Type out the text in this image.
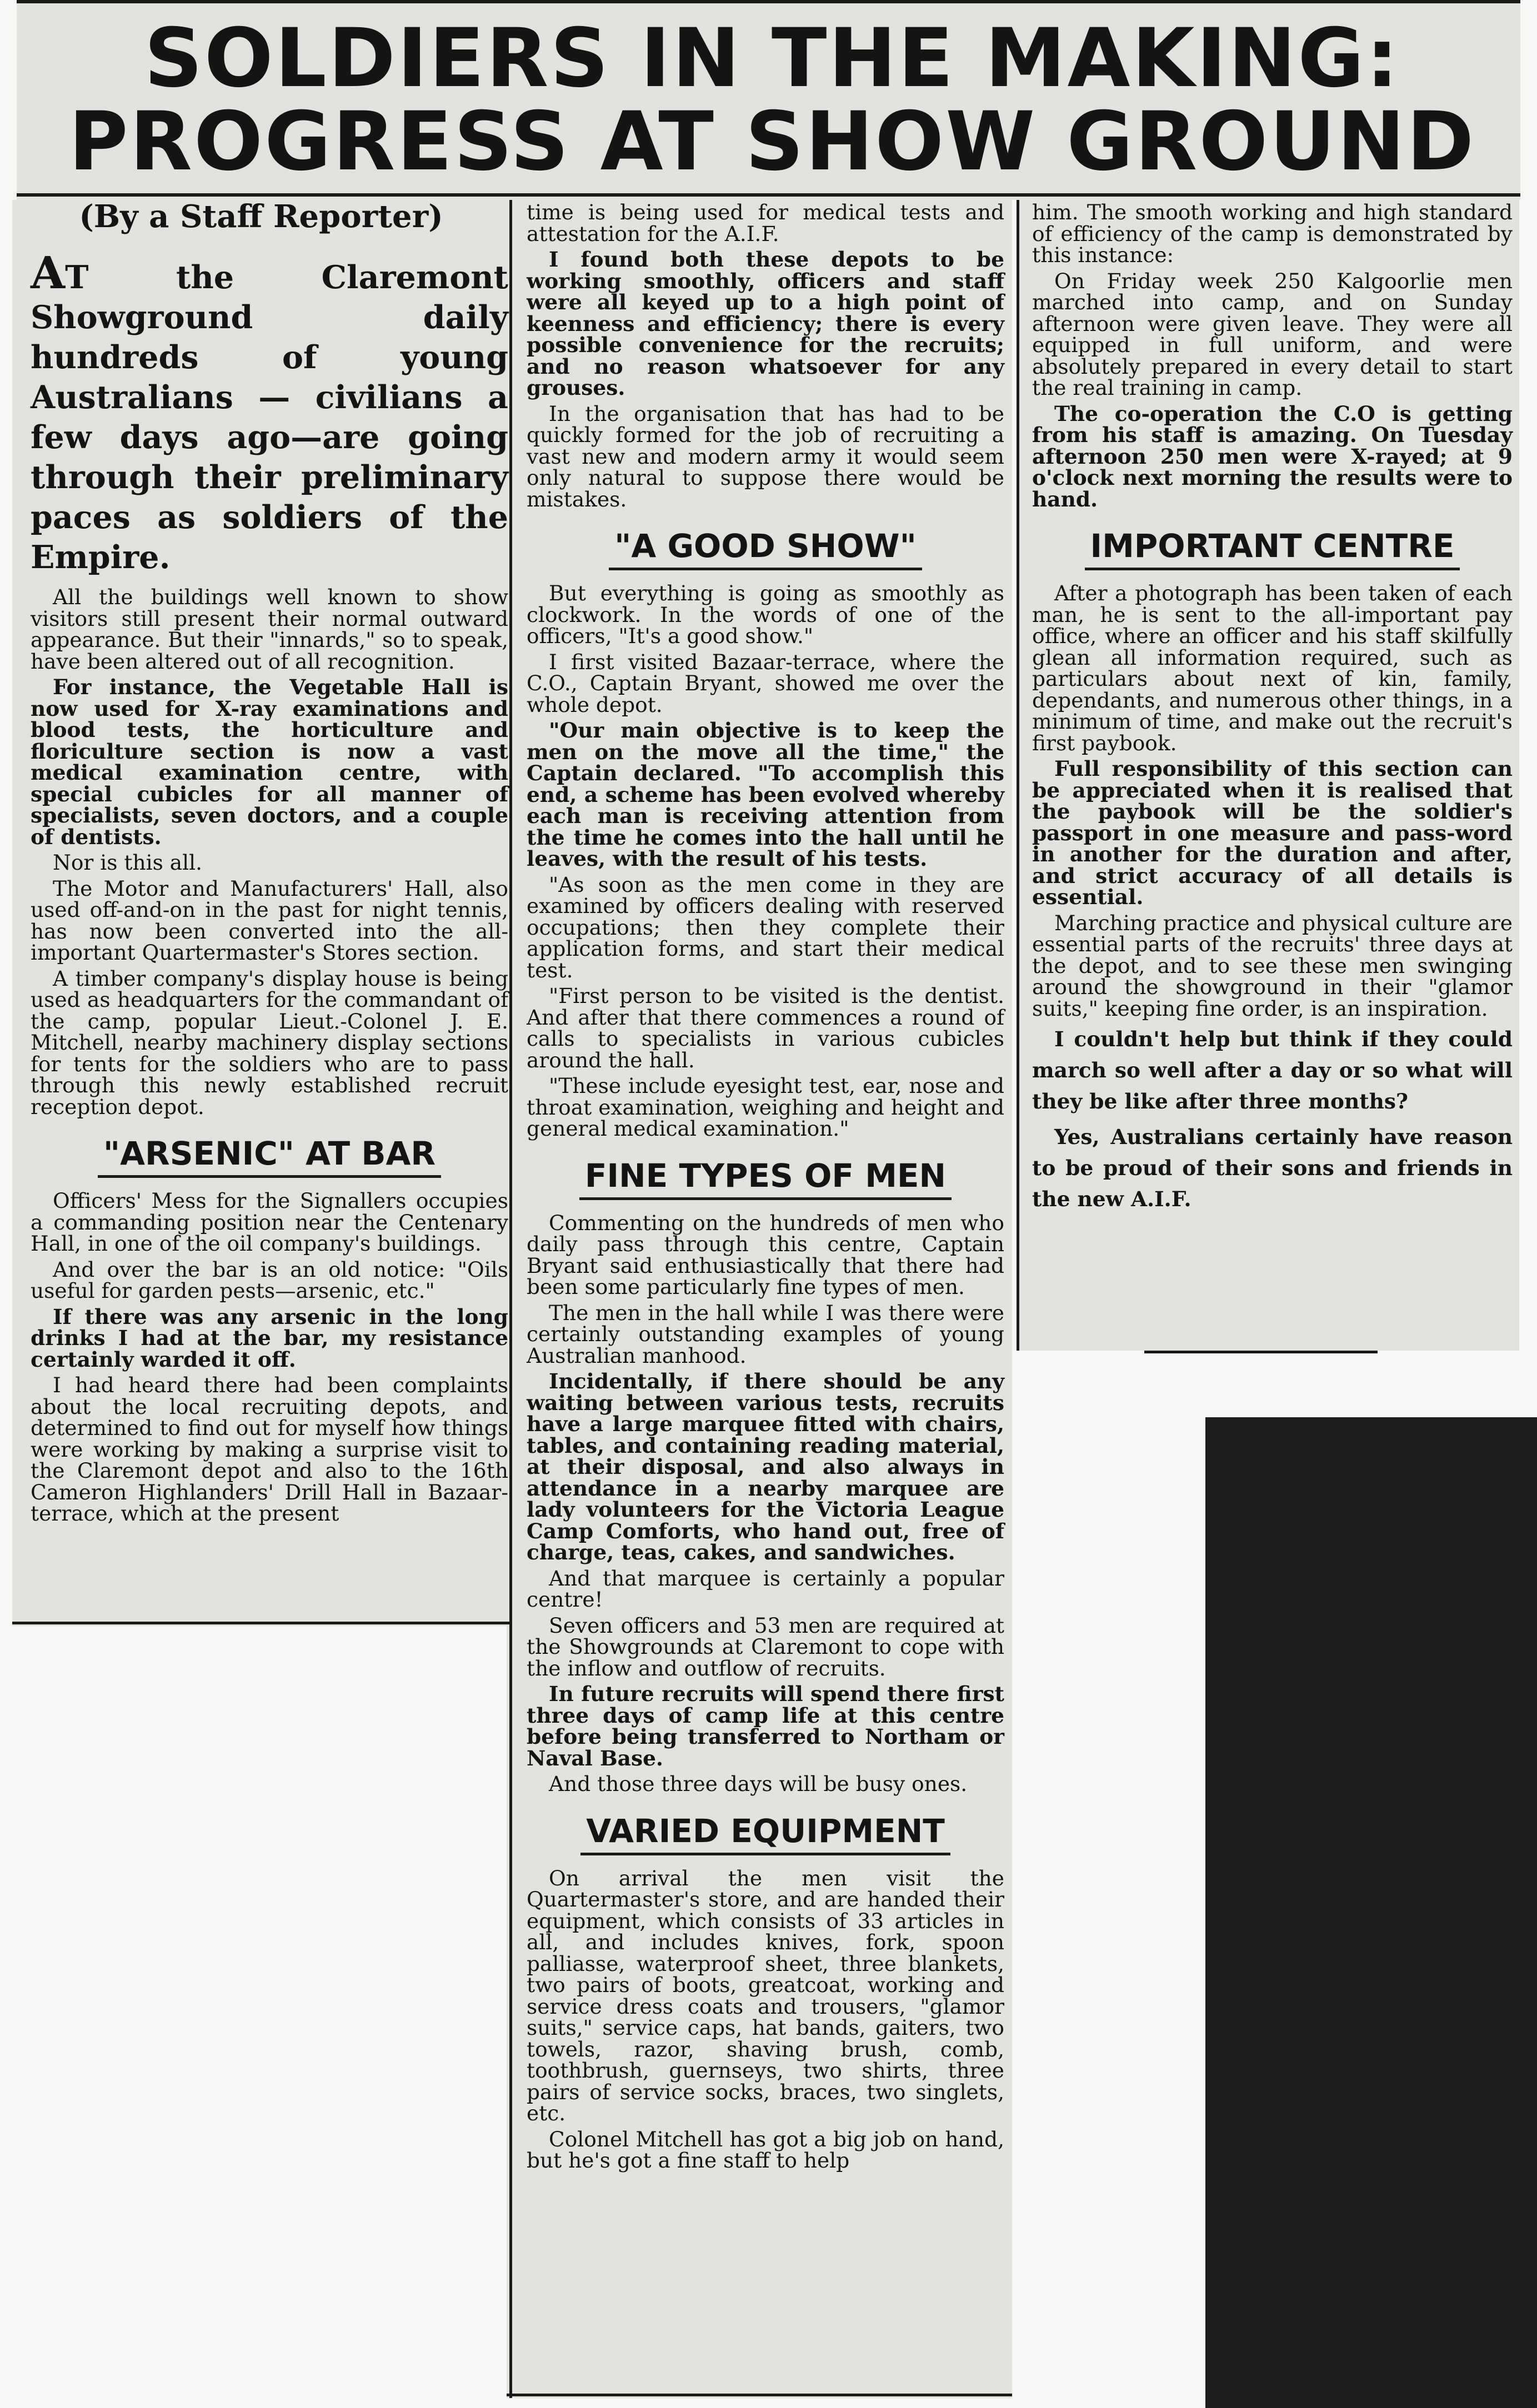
SOLDIERS IN THE MAKING:
PROGRESS AT SHOW GROUND
(By a Staff Reporter)

AT the Claremont Showground daily hundreds of young Australians — civilians a few days ago—are going through their preliminary paces as soldiers of the Empire.

All the buildings well known to show visitors still present their normal outward appearance. But their "innards," so to speak, have been altered out of all recognition.

For instance, the Vegetable Hall is now used for X-ray examinations and blood tests, the horticulture and floriculture section is now a vast medical examination centre, with special cubicles for all manner of specialists, seven doctors, and a couple of dentists.

Nor is this all.

The Motor and Manufacturers' Hall, also used off-and-on in the past for night tennis, has now been converted into the all-important Quartermaster's Stores section.

A timber company's display house is being used as headquarters for the commandant of the camp, popular Lieut.-Colonel J. E. Mitchell, nearby machinery display sections for tents for the soldiers who are to pass through this newly established recruit reception depot.

"ARSENIC" AT BAR

Officers' Mess for the Signallers occupies a commanding position near the Centenary Hall, in one of the oil company's buildings.

And over the bar is an old notice: "Oils useful for garden pests—arsenic, etc."

If there was any arsenic in the long drinks I had at the bar, my resistance certainly warded it off.

I had heard there had been complaints about the local recruiting depots, and determined to find out for myself how things were working by making a surprise visit to the Claremont depot and also to the 16th Cameron Highlanders' Drill Hall in Bazaar-terrace, which at the present

time is being used for medical tests and attestation for the A.I.F.

I found both these depots to be working smoothly, officers and staff were all keyed up to a high point of keenness and efficiency; there is every possible convenience for the recruits; and no reason whatsoever for any grouses.

In the organisation that has had to be quickly formed for the job of recruiting a vast new and modern army it would seem only natural to suppose there would be mistakes.

"A GOOD SHOW"

But everything is going as smoothly as clockwork. In the words of one of the officers, "It's a good show."

I first visited Bazaar-terrace, where the C.O., Captain Bryant, showed me over the whole depot.

"Our main objective is to keep the men on the move all the time," the Captain declared. "To accomplish this end, a scheme has been evolved whereby each man is receiving attention from the time he comes into the hall until he leaves, with the result of his tests.

"As soon as the men come in they are examined by officers dealing with reserved occupations; then they complete their application forms, and start their medical test.

"First person to be visited is the dentist. And after that there commences a round of calls to specialists in various cubicles around the hall.

"These include eyesight test, ear, nose and throat examination, weighing and height and general medical examination."

FINE TYPES OF MEN

Commenting on the hundreds of men who daily pass through this centre, Captain Bryant said enthusiastically that there had been some particularly fine types of men.

The men in the hall while I was there were certainly outstanding examples of young Australian manhood.

Incidentally, if there should be any waiting between various tests, recruits have a large marquee fitted with chairs, tables, and containing reading material, at their disposal, and also always in attendance in a nearby marquee are lady volunteers for the Victoria League Camp Comforts, who hand out, free of charge, teas, cakes, and sandwiches.

And that marquee is certainly a popular centre!

Seven officers and 53 men are required at the Showgrounds at Claremont to cope with the inflow and outflow of recruits.

In future recruits will spend there first three days of camp life at this centre before being transferred to Northam or Naval Base.

And those three days will be busy ones.

VARIED EQUIPMENT

On arrival the men visit the Quartermaster's store, and are handed their equipment, which consists of 33 articles in all, and includes knives, fork, spoon palliasse, waterproof sheet, three blankets, two pairs of boots, greatcoat, working and service dress coats and trousers, "glamor suits," service caps, hat bands, gaiters, two towels, razor, shaving brush, comb, toothbrush, guernseys, two shirts, three pairs of service socks, braces, two singlets, etc.

Colonel Mitchell has got a big job on hand, but he's got a fine staff to help

him. The smooth working and high standard of efficiency of the camp is demonstrated by this instance:

On Friday week 250 Kalgoorlie men marched into camp, and on Sunday afternoon were given leave. They were all equipped in full uniform, and were absolutely prepared in every detail to start the real training in camp.

The co-operation the C.O is getting from his staff is amazing. On Tuesday afternoon 250 men were X-rayed; at 9 o'clock next morning the results were to hand.

IMPORTANT CENTRE

After a photograph has been taken of each man, he is sent to the all-important pay office, where an officer and his staff skilfully glean all information required, such as particulars about next of kin, family, dependants, and numerous other things, in a minimum of time, and make out the recruit's first paybook.

Full responsibility of this section can be appreciated when it is realised that the paybook will be the soldier's passport in one measure and pass-word in another for the duration and after, and strict accuracy of all details is essential.

Marching practice and physical culture are essential parts of the recruits' three days at the depot, and to see these men swinging around the showground in their "glamor suits," keeping fine order, is an inspiration.

I couldn't help but think if they could march so well after a day or so what will they be like after three months?

Yes, Australians certainly have reason to be proud of their sons and friends in the new A.I.F.
